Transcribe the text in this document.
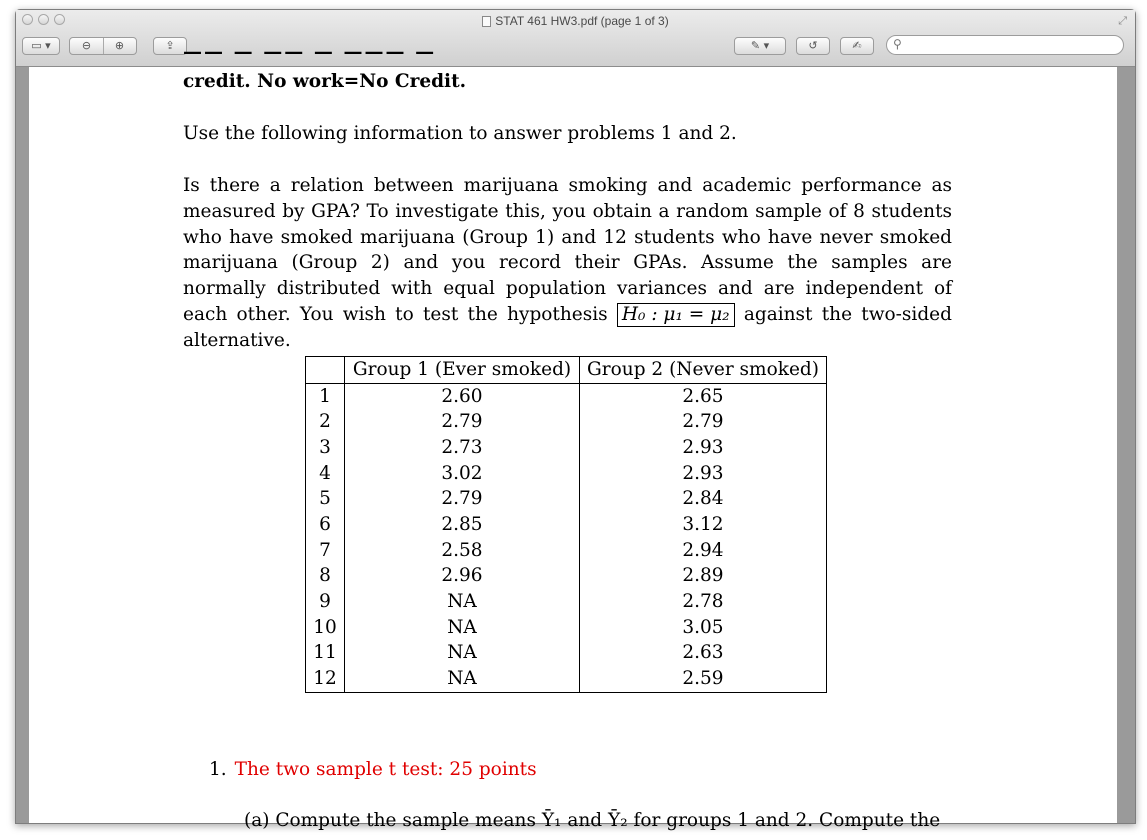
STAT 461 HW3.pdf (page 1 of 3)	⤢
▭ ▾	⊖ ⊕	⇪	✎ ▾	↺	✍	⚲
—— — —— — ——— —

credit. No work=No Credit.

Use the following information to answer problems 1 and 2.

Is there a relation between marijuana smoking and academic performance as measured by GPA? To investigate this, you obtain a random sample of 8 students who have smoked marijuana (Group 1) and 12 students who have never smoked marijuana (Group 2) and you record their GPAs. Assume the samples are normally distributed with equal population variances and are independent of each other. You wish to test the hypothesis H₀ : μ₁ = μ₂ against the two-sided alternative.

	Group 1 (Ever smoked)	Group 2 (Never smoked)
1	2.60	2.65
2	2.79	2.79
3	2.73	2.93
4	3.02	2.93
5	2.79	2.84
6	2.85	3.12
7	2.58	2.94
8	2.96	2.89
9	NA	2.78
10	NA	3.05
11	NA	2.63
12	NA	2.59
1. The two sample t test: 25 points
(a) Compute the sample means Ȳ₁ and Ȳ₂ for groups 1 and 2. Compute the
